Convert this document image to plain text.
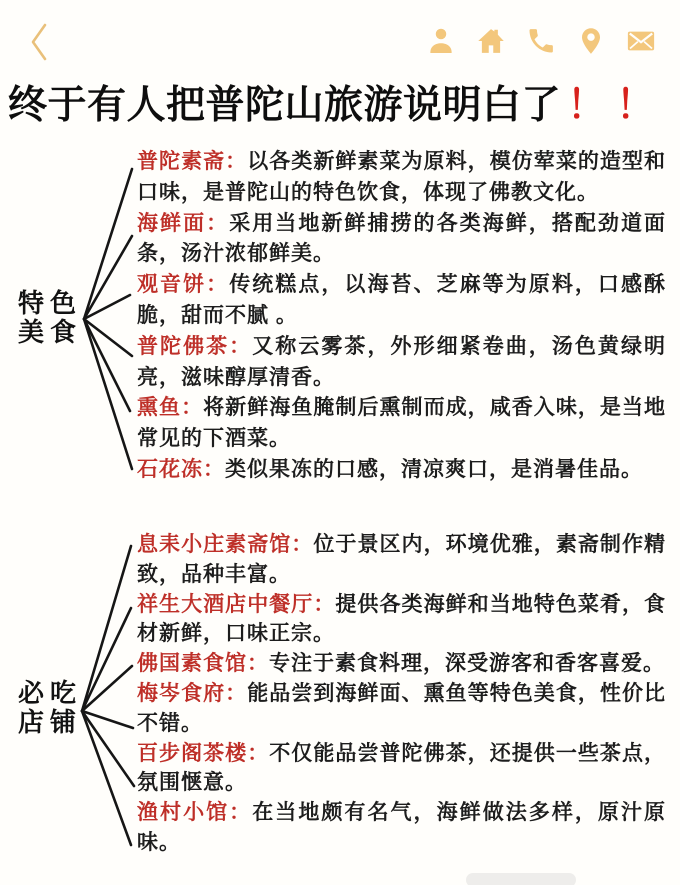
终于有人把普陀山旅游说明白了 ！！
特色
美食

普陀素斋：以各类新鲜素菜为原料，模仿荤菜的造型和口味，是普陀山的特色饮食，体现了佛教文化。

海鲜面：采用当地新鲜捕捞的各类海鲜，搭配劲道面条，汤汁浓郁鲜美。

观音饼：传统糕点，以海苔、芝麻等为原料，口感酥脆，甜而不腻 。

普陀佛茶：又称云雾茶，外形细紧卷曲，汤色黄绿明亮，滋味醇厚清香。

熏鱼：将新鲜海鱼腌制后熏制而成，咸香入味，是当地常见的下酒菜。

石花冻：类似果冻的口感，清凉爽口，是消暑佳品。

必吃
店铺

息耒小庄素斋馆：位于景区内，环境优雅，素斋制作精致，品种丰富。

祥生大酒店中餐厅：提供各类海鲜和当地特色菜肴，食材新鲜，口味正宗。

佛国素食馆：专注于素食料理，深受游客和香客喜爱。

梅岑食府：能品尝到海鲜面、熏鱼等特色美食，性价比不错。

百步阁茶楼：不仅能品尝普陀佛茶，还提供一些茶点，氛围惬意。

渔村小馆：在当地颇有名气，海鲜做法多样，原汁原味。
